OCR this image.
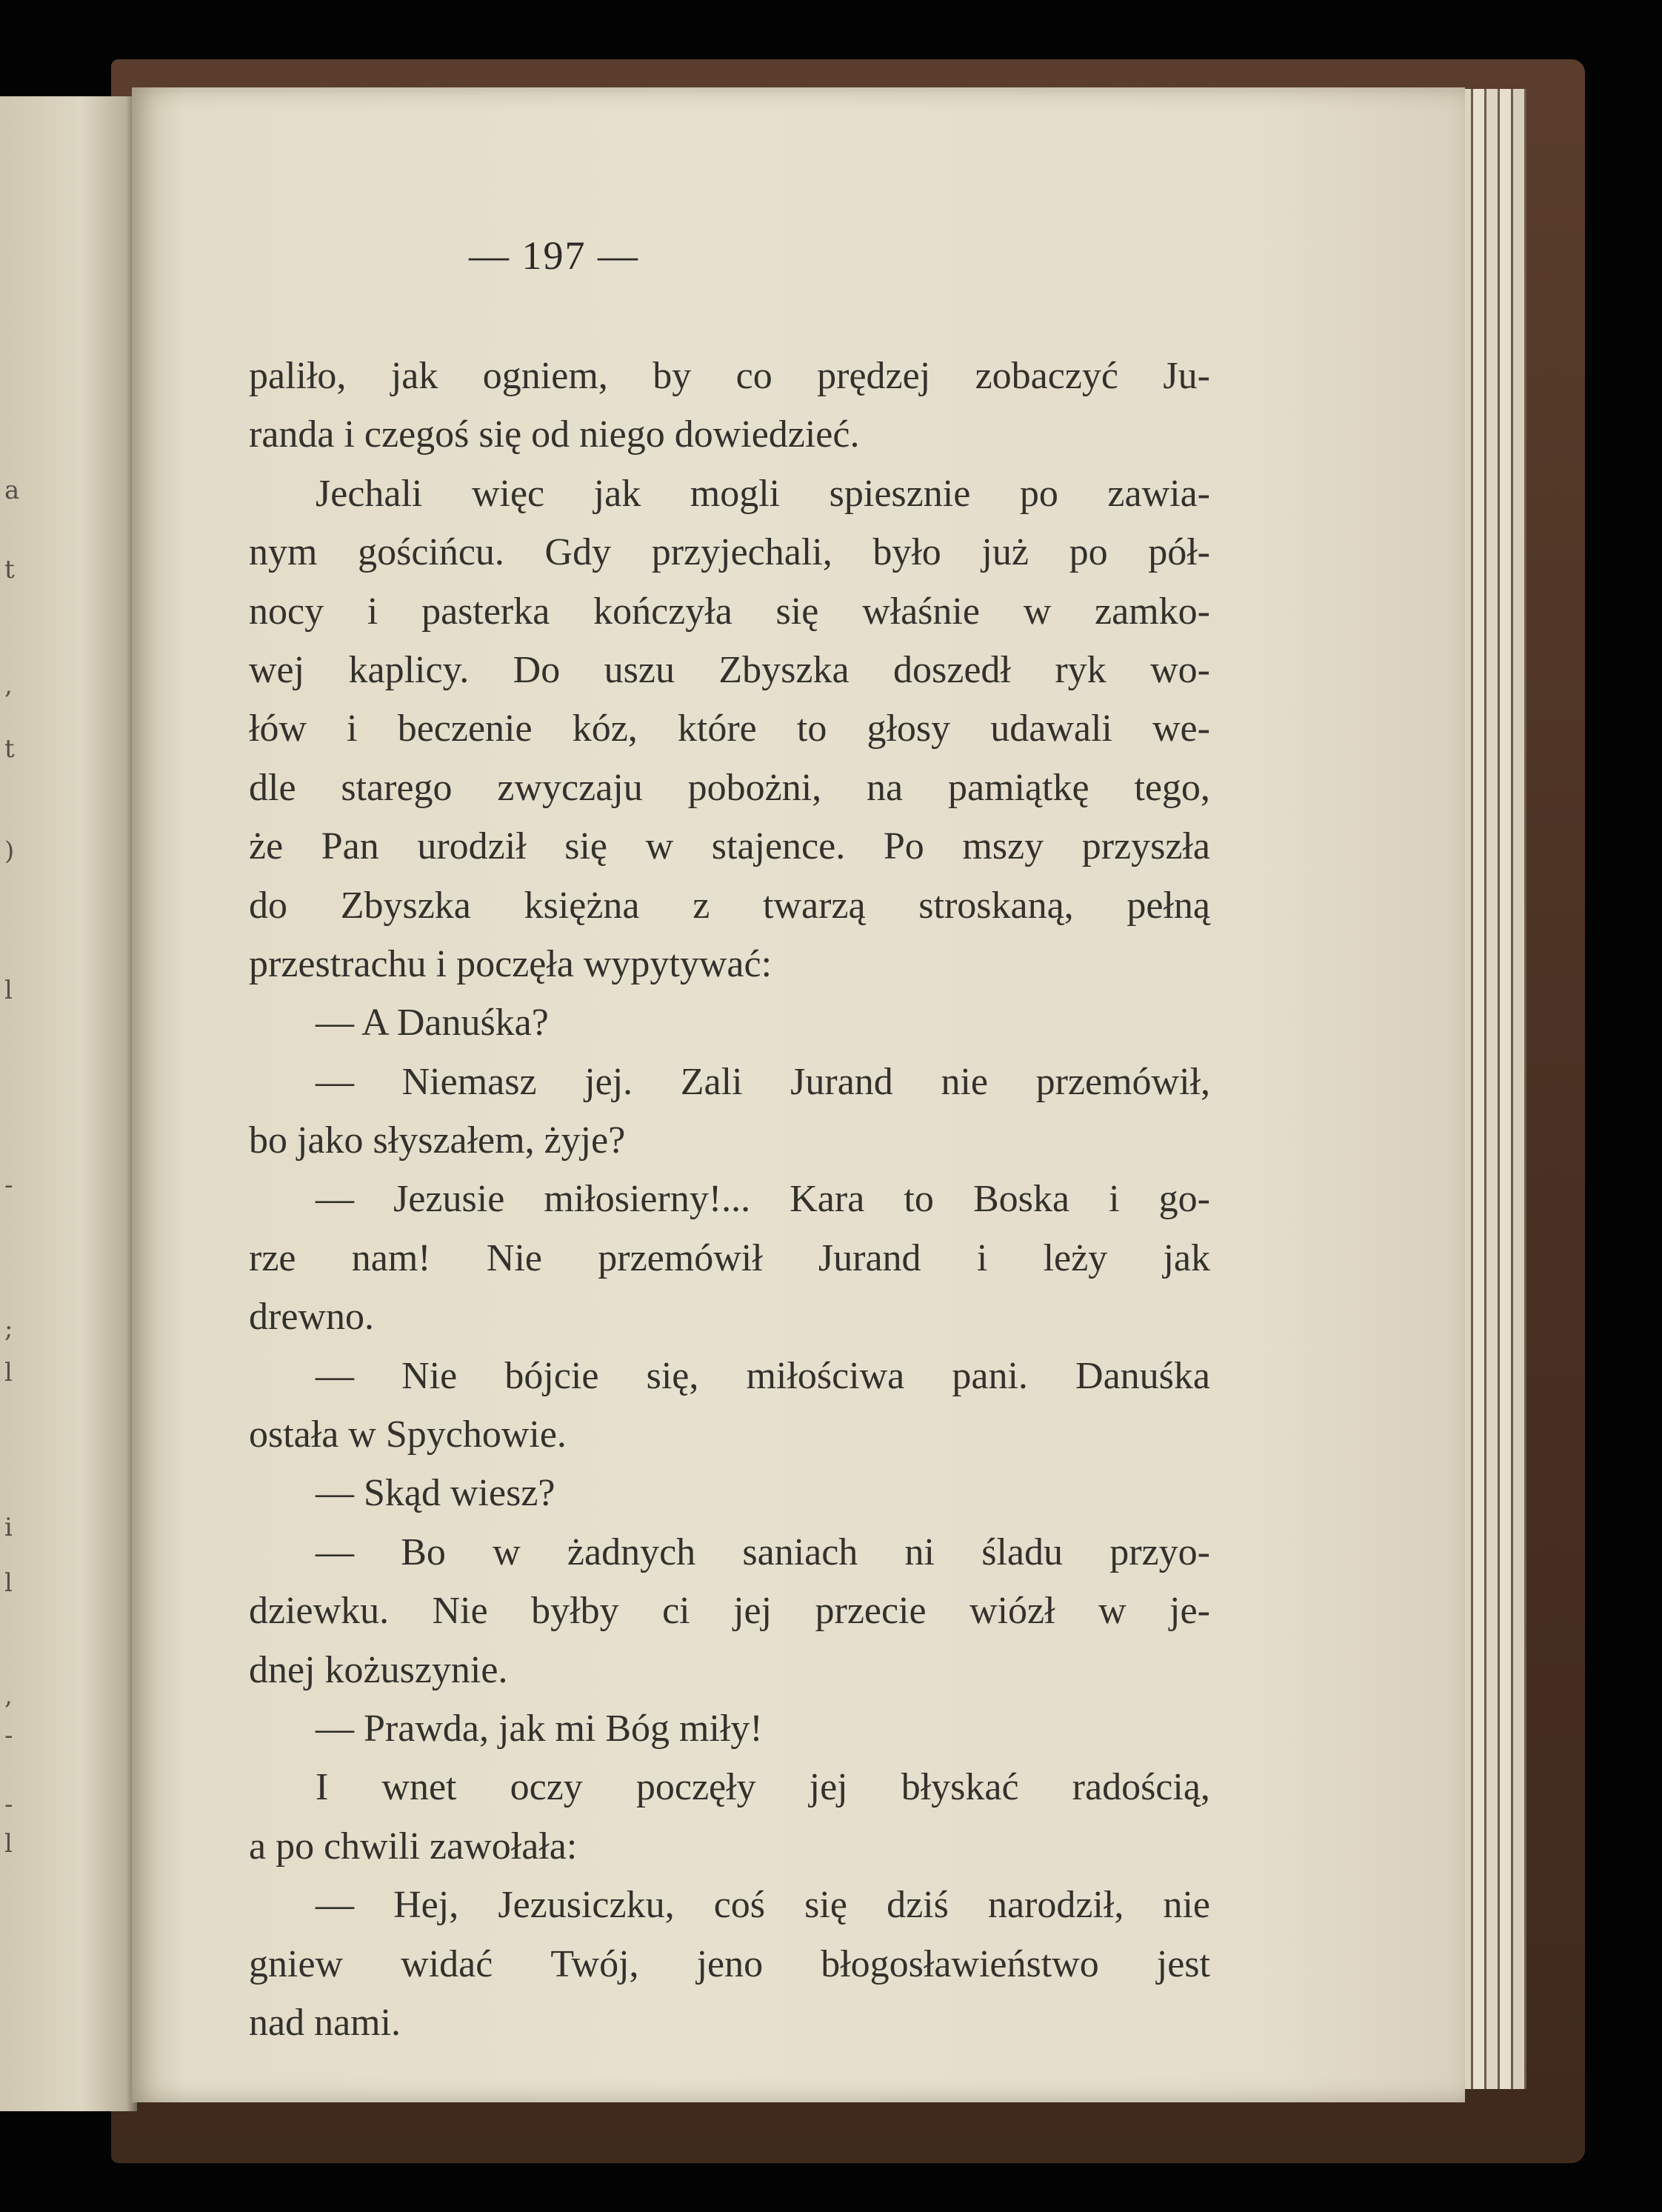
a
t
,
t
)
l
-
;
l
i
l
,
-
-
l
— 197 —
paliło, jak ogniem, by co prędzej zobaczyć Ju-
randa i czegoś się od niego dowiedzieć.
Jechali więc jak mogli spiesznie po zawia-
nym gościńcu. Gdy przyjechali, było już po pół-
nocy i pasterka kończyła się właśnie w zamko-
wej kaplicy. Do uszu Zbyszka doszedł ryk wo-
łów i beczenie kóz, które to głosy udawali we-
dle starego zwyczaju pobożni, na pamiątkę tego,
że Pan urodził się w stajence. Po mszy przyszła
do Zbyszka księżna z twarzą stroskaną, pełną
przestrachu i poczęła wypytywać:
— A Danuśka?
— Niemasz jej. Zali Jurand nie przemówił,
bo jako słyszałem, żyje?
— Jezusie miłosierny!... Kara to Boska i go-
rze nam! Nie przemówił Jurand i leży jak
drewno.
— Nie bójcie się, miłościwa pani. Danuśka
ostała w Spychowie.
— Skąd wiesz?
— Bo w żadnych saniach ni śladu przyo-
dziewku. Nie byłby ci jej przecie wiózł w je-
dnej kożuszynie.
— Prawda, jak mi Bóg miły!
I wnet oczy poczęły jej błyskać radością,
a po chwili zawołała:
— Hej, Jezusiczku, coś się dziś narodził, nie
gniew widać Twój, jeno błogosławieństwo jest
nad nami.
